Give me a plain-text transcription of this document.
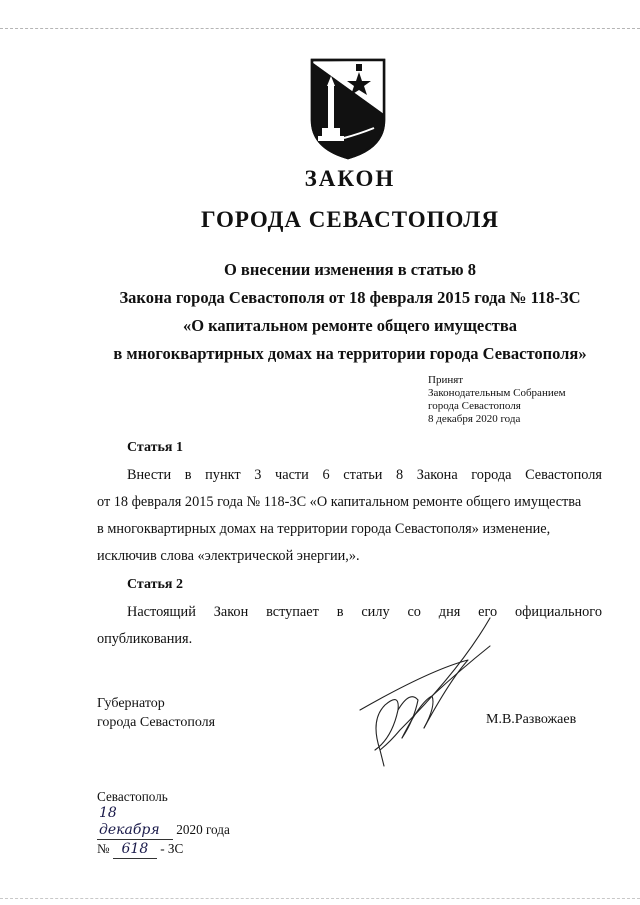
ЗАКОН
ГОРОДА СЕВАСТОПОЛЯ
О внесении изменения в статью 8
Закона города Севастополя от 18 февраля 2015 года № 118-ЗС
«О капитальном ремонте общего имущества
в многоквартирных домах на территории города Севастополя»
Принят
Законодательным Собранием
города Севастополя
8 декабря 2020 года
Статья 1
Внести в пункт 3 части 6 статьи 8 Закона города Севастополя
от 18 февраля 2015 года № 118-ЗС «О капитальном ремонте общего имущества
в многоквартирных домах на территории города Севастополя» изменение,
исключив слова «электрической энергии,».
Статья 2
Настоящий Закон вступает в силу со дня его официального
опубликования.
Губернатор
города Севастополя	М.В.Развожаев
Севастополь
18 декабря 2020 года
№ 618 - ЗС
